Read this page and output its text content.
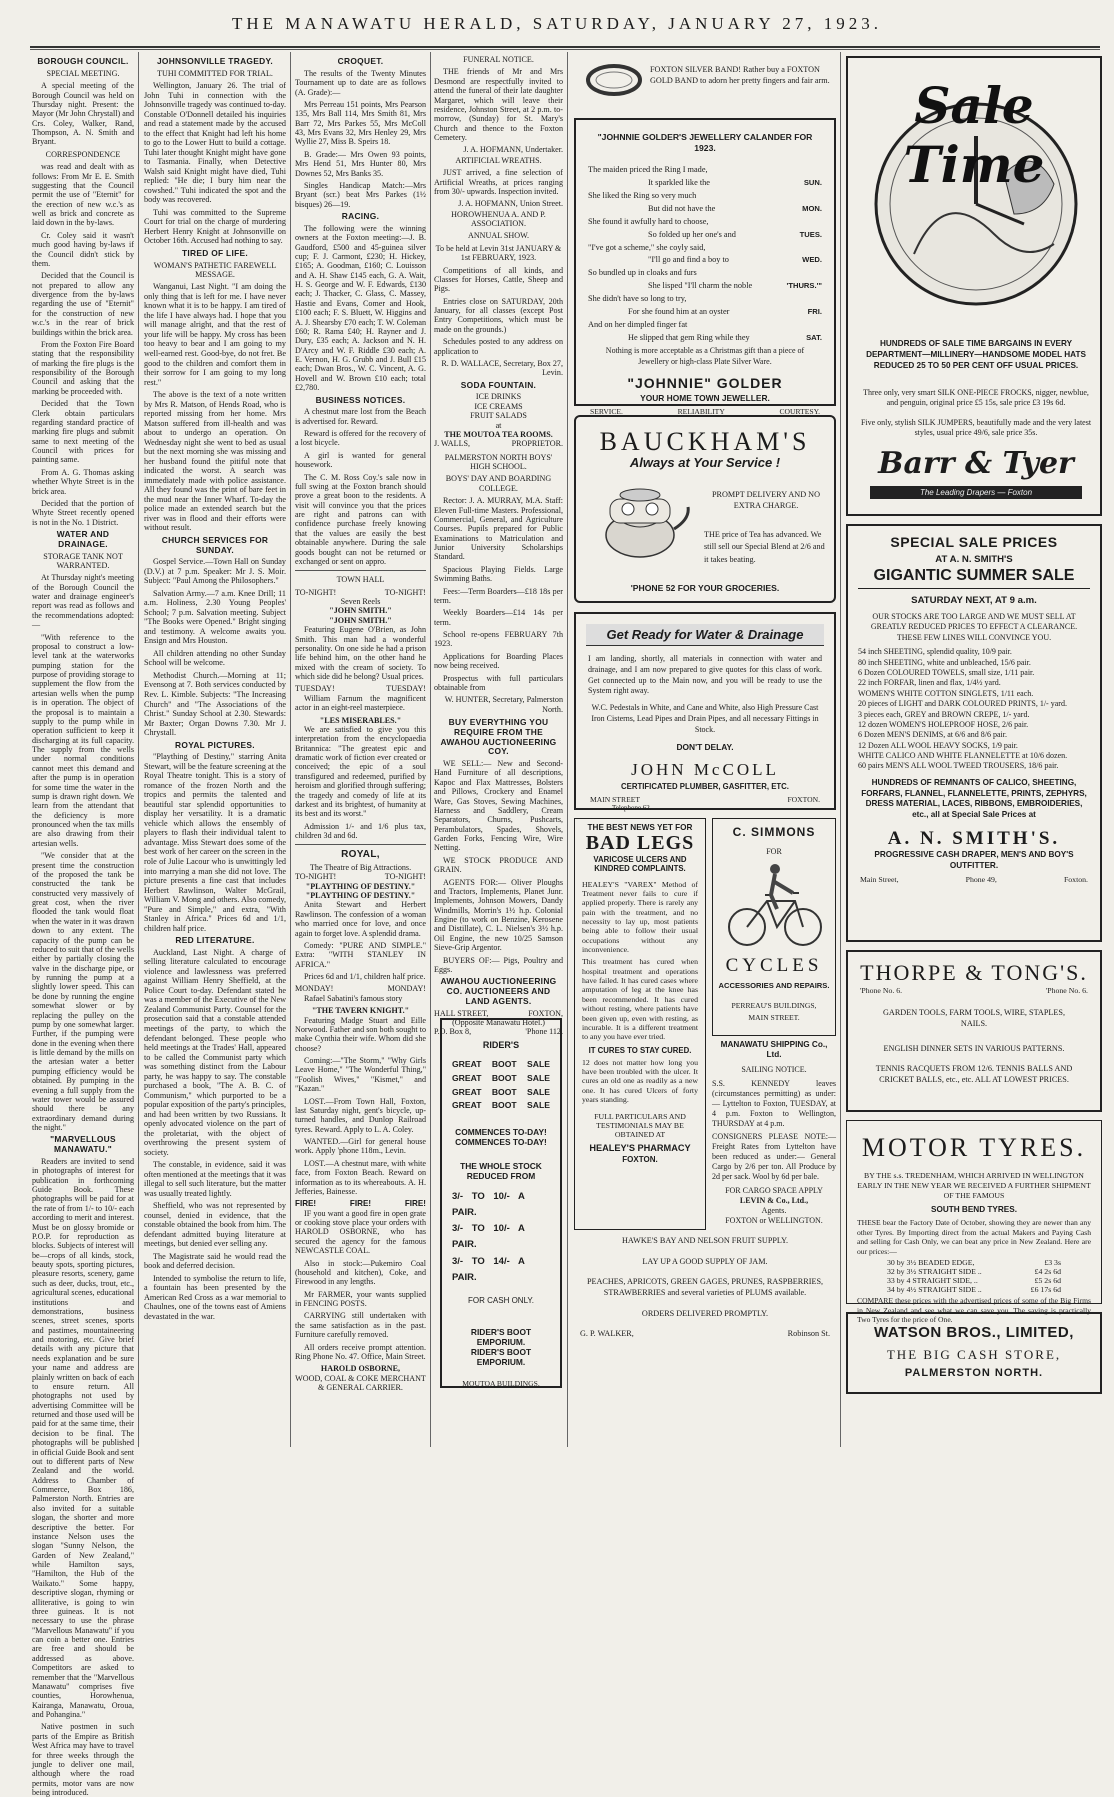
THE MANAWATU HERALD, SATURDAY, JANUARY 27, 1923.
BOROUGH COUNCIL.
SPECIAL MEETING.

A special meeting of the Borough Council was held on Thursday night. Present: the Mayor (Mr John Chrystall) and Crs. Coley, Walker, Rand, Thompson, A. N. Smith and Bryant.

CORRESPONDENCE

was read and dealt with as follows: From Mr E. E. Smith suggesting that the Council permit the use of "Eternit" for the erection of new w.c.'s as well as brick and concrete as laid down in the by-laws.

Cr. Coley said it wasn't much good having by-laws if the Council didn't stick by them.

Decided that the Council is not prepared to allow any divergence from the by-laws regarding the use of "Eternit" for the construction of new w.c.'s in the rear of brick buildings within the brick area.

From the Foxton Fire Board stating that the responsibility of marking the fire plugs is the responsibility of the Borough Council and asking that the marking be proceeded with.

Decided that the Town Clerk obtain particulars regarding standard practice of marking fire plugs and submit same to next meeting of the Council with prices for painting same.

From A. G. Thomas asking whether Whyte Street is in the brick area.

Decided that the portion of Whyte Street recently opened is not in the No. 1 District.

WATER AND DRAINAGE.
STORAGE TANK NOT WARRANTED.

At Thursday night's meeting of the Borough Council the water and drainage engineer's report was read as follows and the recommendations adopted:—

"With reference to the proposal to construct a low-level tank at the waterworks pumping station for the purpose of providing storage to supplement the flow from the artesian wells when the pump is in operation. The object of the proposal is to maintain a supply to the pump while in operation sufficient to keep it discharging at its full capacity. The supply from the wells under normal conditions cannot meet this demand and after the pump is in operation for some time the water in the sump is drawn right down. We learn from the attendant that the deficiency is more pronounced when the tax mills are also drawing from their artesian wells.

"We consider that at the present time the construction of the proposed the tank be constructed the tank be constructed very massively of great cost, when the river flooded the tank would float when the water in it was drawn down to any extent. The capacity of the pump can be reduced to suit that of the wells either by partially closing the valve in the discharge pipe, or by running the pump at a slightly lower speed. This can be done by running the engine somewhat slower or by replacing the pulley on the pump by one somewhat larger. Further, if the pumping were done in the evening when there is little demand by the mills on the artesian water a better pumping efficiency would be obtained. By pumping in the evening a full supply from the water tower would be assured should there be any extraordinary demand during the night."

"MARVELLOUS MANAWATU."

Readers are invited to send in photographs of interest for publication in forthcoming Guide Book. These photographs will be paid for at the rate of from 1/- to 10/- each according to merit and interest. Must be on glossy bromide or P.O.P. for reproduction as blocks. Subjects of interest will be—crops of all kinds, stock, beauty spots, sporting pictures, pleasure resorts, scenery, game such as deer, ducks, trout, etc., agricultural scenes, educational institutions and demonstrations, business scenes, street scenes, sports and pastimes, mountaineering and motoring, etc. Give brief details with any picture that needs explanation and be sure your name and address are plainly written on back of each to ensure return. All photographs not used by advertising Committee will be returned and those used will be paid for at the same time, their decision to be final. The photographs will be published in official Guide Book and sent out to different parts of New Zealand and the world. Address to Chamber of Commerce, Box 186, Palmerston North. Entries are also invited for a suitable slogan, the shorter and more descriptive the better. For instance Nelson uses the slogan "Sunny Nelson, the Garden of New Zealand," while Hamilton says, "Hamilton, the Hub of the Waikato." Some happy, descriptive slogan, rhyming or alliterative, is going to win three guineas. It is not necessary to use the phrase "Marvellous Manawatu" if you can coin a better one. Entries are free and should be addressed as above. Competitors are asked to remember that the "Marvellous Manawatu" comprises five counties, Horowhenua, Kairanga, Manawatu, Oroua, and Pohangina."

Native postmen in such parts of the Empire as British West Africa may have to travel for three weeks through the jungle to deliver one mail, although where the road permits, motor vans are now being introduced.

JOHNSONVILLE TRAGEDY.
TUHI COMMITTED FOR TRIAL.

Wellington, January 26. The trial of John Tuhi in connection with the Johnsonville tragedy was continued to-day. Constable O'Donnell detailed his inquiries and read a statement made by the accused to the effect that Knight had left his home to go to the Lower Hutt to build a cottage. Tuhi later thought Knight might have gone to Tasmania. Finally, when Detective Walsh said Knight might have died, Tuhi replied: "He die; I bury him near the cowshed." Tuhi indicated the spot and the body was recovered.

Tuhi was committed to the Supreme Court for trial on the charge of murdering Herbert Henry Knight at Johnsonville on October 16th. Accused had nothing to say.

TIRED OF LIFE.
WOMAN'S PATHETIC FAREWELL MESSAGE.

Wanganui, Last Night. "I am doing the only thing that is left for me. I have never known what it is to be happy. I am tired of the life I have always had. I hope that you will manage alright, and that the rest of your life will be happy. My cross has been too heavy to bear and I am going to my well-earned rest. Good-bye, do not fret. Be good to the children and comfort them in their sorrow for I am going to my long rest."

The above is the text of a note written by Mrs R. Matson, of Hends Road, who is reported missing from her home. Mrs Matson suffered from ill-health and was about to undergo an operation. On Wednesday night she went to bed as usual but the next morning she was missing and her husband found the pitiful note that indicated the worst. A search was immediately made with police assistance. All they found was the print of bare feet in the mud near the Inner Wharf. To-day the police made an extended search but the river was in flood and their efforts were without result.

CHURCH SERVICES FOR SUNDAY.

Gospel Service.—Town Hall on Sunday (D.V.) at 7 p.m. Speaker: Mr J. S. Moir. Subject: "Paul Among the Philosophers."

Salvation Army.—7 a.m. Knee Drill; 11 a.m. Holiness, 2.30 Young Peoples' School; 7 p.m. Salvation meeting. Subject "The Books were Opened." Bright singing and testimony. A welcome awaits you. Ensign and Mrs Houston.

All children attending no other Sunday School will be welcome.

Methodist Church.—Morning at 11; Evensong at 7. Both services conducted by Rev. L. Kimble. Subjects: "The Increasing Church" and "The Associations of the Christ." Sunday School at 2.30. Stewards: Mr Baxter; Organ Downs 7.30. Mr J. Chrystall.

ROYAL PICTURES.

"Plaything of Destiny," starring Anita Stewart, will be the feature screening at the Royal Theatre tonight. This is a story of romance of the frozen North and the tropics and permits the talented and beautiful star splendid opportunities to display her versatility. It is a dramatic vehicle which allows the ensembly of players to flash their individual talent to advantage. Miss Stewart does some of the best work of her career on the screen in the role of Julie Lacour who is unwittingly led into marrying a man she did not love. The picture presents a fine cast that includes Herbert Rawlinson, Walter McGrail, William V. Mong and others. Also comedy, "Pure and Simple," and extra, "With Stanley in Africa." Prices 6d and 1/1, children half price.

RED LITERATURE.

Auckland, Last Night. A charge of selling literature calculated to encourage violence and lawlessness was preferred against William Henry Sheffield, at the Police Court to-day. Defendant stated he was a member of the Executive of the New Zealand Communist Party. Counsel for the prosecution said that a constable attended meetings of the party, to which the defendant belonged. These people who held meetings at the Trades' Hall, appeared to be called the Communist party which was something distinct from the Labour party, he was happy to say. The constable purchased a book, "The A. B. C. of Communism," which purported to be a popular exposition of the party's principles, and had been written by two Russians. It openly advocated violence on the part of the proletariat, with the object of overthrowing the present system of society.

The constable, in evidence, said it was often mentioned at the meetings that it was illegal to sell such literature, but the matter was usually treated lightly.

Sheffield, who was not represented by counsel, denied in evidence, that the constable obtained the book from him. The defendant admitted buying literature at meetings, but denied ever selling any.

The Magistrate said he would read the book and deferred decision.

Intended to symbolise the return to life, a fountain has been presented by the American Red Cross as a war memorial to Chaulnes, one of the towns east of Amiens devastated in the war.

CROQUET.

The results of the Twenty Minutes Tournament up to date are as follows (A. Grade):—

Mrs Perreau 151 points, Mrs Pearson 135, Mrs Ball 114, Mrs Smith 81, Mrs Barr 72, Mrs Parkes 55, Mrs McColl 43, Mrs Evans 32, Mrs Henley 29, Mrs Wyllie 27, Miss B. Speirs 18.

B. Grade:— Mrs Owen 93 points, Mrs Hend 51, Mrs Hunter 80, Mrs Downes 52, Mrs Banks 35.

Singles Handicap Match:—Mrs Bryant (scr.) beat Mrs Parkes (1½ bisques) 26—19.

RACING.

The following were the winning owners at the Foxton meeting:—J. B. Gaudford, £500 and 45-guinea silver cup; F. J. Carmont, £230; H. Hickey, £165; A. Goodman, £160; C. Louisson and A. H. Shaw £145 each, G. A. Wait, H. S. George and W. F. Edwards, £130 each; J. Thacker, C. Glass, C. Massey, Hastie and Evans, Comer and Hook, £100 each; F. S. Bluett, W. Higgins and A. J. Shearsby £70 each; T. W. Coleman £60; R. Rama £40; H. Rayner and J. Dury, £35 each; A. Jackson and N. H. D'Arcy and W. F. Riddle £30 each; A. E. Vernon, H. G. Grubb and J. Bull £15 each; Dwan Bros., W. C. Vincent, A. G. Hovell and W. Brown £10 each; total £2,780.

BUSINESS NOTICES.

A chestnut mare lost from the Beach is advertised for. Reward.

Reward is offered for the recovery of a lost bicycle.

A girl is wanted for general housework.

The C. M. Ross Coy.'s sale now in full swing at the Foxton branch should prove a great boon to the residents. A visit will convince you that the prices are right and patrons can with confidence purchase freely knowing that the values are easily the best obtainable anywhere. During the sale goods bought can not be returned or exchanged or sent on appro.

TOWN HALL
TO-NIGHT!	TO-NIGHT!
Seven Reels
"JOHN SMITH."
"JOHN SMITH."

Featuring Eugene O'Brien, as John Smith. This man had a wonderful personality. On one side he had a prison life behind him, on the other hand he mixed with the cream of society. To which side did he belong? Usual prices.

TUESDAY!	TUESDAY!

William Farnum the magnificent actor in an eight-reel masterpiece.

"LES MISERABLES."

We are satisfied to give you this interpretation from the encyclopaedia Britannica: "The greatest epic and dramatic work of fiction ever created or conceived; the epic of a soul transfigured and redeemed, purified by heroism and glorified through suffering; the tragedy and comedy of life at its darkest and its brightest, of humanity at its best and its worst."

Admission 1/- and 1/6 plus tax, children 3d and 6d.

ROYAL,
The Theatre of Big Attractions.
TO-NIGHT!	TO-NIGHT!
"PLAYTHING OF DESTINY."
"PLAYTHING OF DESTINY."

Anita Stewart and Herbert Rawlinson. The confession of a woman who married once for love, and once again to forget love. A splendid drama.

Comedy: "PURE AND SIMPLE." Extra: "WITH STANLEY IN AFRICA."

Prices 6d and 1/1, children half price.

MONDAY!	MONDAY!

Rafael Sabatini's famous story

"THE TAVERN KNIGHT."

Featuring Madge Stuart and Eille Norwood. Father and son both sought to make Cynthia their wife. Whom did she choose?

Coming:—"The Storm," "Why Girls Leave Home," "The Wonderful Thing," "Foolish Wives," "Kismet," and "Kazan."

LOST.—From Town Hall, Foxton, last Saturday night, gent's bicycle, up-turned handles, and Dunlop Railroad tyres. Reward. Apply to L. A. Coley.

WANTED.—Girl for general house work. Apply 'phone 118m., Levin.

LOST.—A chestnut mare, with white face, from Foxton Beach. Reward on information as to its whereabouts. A. H. Jefferies, Bainesse.

FIRE!	FIRE!	FIRE!

IF you want a good fire in open grate or cooking stove place your orders with HAROLD OSBORNE, who has secured the agency for the famous NEWCASTLE COAL.

Also in stock:—Pukemiro Coal (household and kitchen), Coke, and Firewood in any lengths.

Mr FARMER, your wants supplied in FENCING POSTS.

CARRYING still undertaken with the same satisfaction as in the past. Furniture carefully removed.

All orders receive prompt attention. Ring Phone No. 47. Office, Main Street.

HAROLD OSBORNE,
WOOD, COAL & COKE MERCHANT & GENERAL CARRIER.
FUNERAL NOTICE.

THE friends of Mr and Mrs Desmond are respectfully invited to attend the funeral of their late daughter Margaret, which will leave their residence, Johnston Street, at 2 p.m. to-morrow, (Sunday) for St. Mary's Church and thence to the Foxton Cemetery.

J. A. HOFMANN, Undertaker.
ARTIFICIAL WREATHS.

JUST arrived, a fine selection of Artificial Wreaths, at prices ranging from 30/- upwards. Inspection invited.

J. A. HOFMANN, Union Street.
HOROWHENUA A. AND P. ASSOCIATION.
ANNUAL SHOW.

To be held at Levin 31st JANUARY & 1st FEBRUARY, 1923.

Competitions of all kinds, and Classes for Horses, Cattle, Sheep and Pigs.

Entries close on SATURDAY, 20th January, for all classes (except Post Entry Competitions, which must be made on the grounds.)

Schedules posted to any address on application to

R. D. WALLACE, Secretary, Box 27, Levin.
SODA FOUNTAIN.
ICE DRINKS
ICE CREAMS
FRUIT SALADS
at
THE MOUTOA TEA ROOMS.
J. WALLS,	PROPRIETOR.
PALMERSTON NORTH BOYS' HIGH SCHOOL.
BOYS' DAY AND BOARDING COLLEGE.

Rector: J. A. MURRAY, M.A. Staff: Eleven Full-time Masters. Professional, Commercial, General, and Agriculture Courses. Pupils prepared for Public Examinations to Matriculation and Junior University Scholarships Standard.

Spacious Playing Fields. Large Swimming Baths.

Fees:—Term Boarders—£18 18s per term.

Weekly Boarders—£14 14s per term.

School re-opens FEBRUARY 7th 1923.

Applications for Boarding Places now being received.

Prospectus with full particulars obtainable from

W. HUNTER, Secretary, Palmerston North.
BUY EVERYTHING YOU REQUIRE FROM THE AWAHOU AUCTIONEERING COY.

WE SELL:— New and Second-Hand Furniture of all descriptions, Kapoc and Flax Mattresses, Bolsters and Pillows, Crockery and Enamel Ware, Gas Stoves, Sewing Machines, Harness and Saddlery, Cream Separators, Churns, Pushcarts, Perambulators, Spades, Shovels, Garden Forks, Fencing Wire, Wire Netting.

WE STOCK PRODUCE AND GRAIN.

AGENTS FOR:— Oliver Ploughs and Tractors, Implements, Planet Junr. Implements, Johnson Mowers, Dandy Windmills, Morrin's 1½ h.p. Colonial Engine (to work on Benzine, Kerosene and Distillate), C. L. Nielsen's 3½ h.p. Oil Engine, the new 10/25 Samson Sieve-Grip Argentor.

BUYERS OF:— Pigs, Poultry and Eggs.

AWAHOU AUCTIONEERING CO. AUCTIONEERS AND LAND AGENTS.
HALL STREET,	FOXTON,
(Opposite Manawatu Hotel.)
P.O. Box 8,	'Phone 112.
RIDER'S
GREAT BOOT SALE
GREAT BOOT SALE
GREAT BOOT SALE
GREAT BOOT SALE
COMMENCES TO-DAY!
COMMENCES TO-DAY!
THE WHOLE STOCK
REDUCED FROM
3/- TO 10/- A PAIR.
3/- TO 10/- A PAIR.
3/- TO 14/- A PAIR.
FOR CASH ONLY.
RIDER'S BOOT EMPORIUM.
RIDER'S BOOT EMPORIUM.
MOUTOA BUILDINGS.
FOXTON SILVER BAND! Rather buy a FOXTON GOLD BAND to adorn her pretty fingers and fair arm.
"JOHNNIE GOLDER'S JEWELLERY CALANDER FOR 1923.
The maiden priced the Ring I made,
It sparkled like the	SUN.
She liked the Ring so very much
But did not have the	MON.
She found it awfully hard to choose,
So folded up her one's and	TUES.
"I've got a scheme," she coyly said,
"I'll go and find a boy to	WED.
So bundled up in cloaks and furs
She lisped "I'll charm the noble	'THURS.'"
She didn't have so long to try,
For she found him at an oyster	FRI.
And on her dimpled finger fat
He slipped that gem Ring while they	SAT.
Nothing is more acceptable as a Christmas gift than a piece of Jewellery or high-class Plate Silver Ware.
"JOHNNIE" GOLDER
YOUR HOME TOWN JEWELLER.
SERVICE.	RELIABILITY	COURTESY.
BAUCKHAM'S
Always at Your Service !
PROMPT DELIVERY AND NO EXTRA CHARGE.
THE price of Tea has advanced. We still sell our Special Blend at 2/6 and it takes beating.
'PHONE 52 FOR YOUR GROCERIES.
Get Ready for Water & Drainage
I am landing, shortly, all materials in connection with water and drainage, and I am now prepared to give quotes for this class of work. Get connected up to the Main now, and you will be ready to use the System right away.
W.C. Pedestals in White, and Cane and White, also High Pressure Cast Iron Cisterns, Lead Pipes and Drain Pipes, and all necessary Fittings in Stock.
DON'T DELAY.
JOHN McCOLL
CERTIFICATED PLUMBER, GASFITTER, ETC.
MAIN STREET	FOXTON.
Telephone 62.
THE BEST NEWS YET FOR
BAD LEGS
VARICOSE ULCERS AND KINDRED COMPLAINTS.
HEALEY'S "VAREX" Method of Treatment never fails to cure if applied properly. There is rarely any pain with the treatment, and no necessity to lay up, most patients being able to follow their usual occupations without any inconvenience.
This treatment has cured when hospital treatment and operations have failed. It has cured cases where amputation of leg at the knee has been recommended. It has cured without resting, where patients have been given up, even with resting, as incurable. It is a different treatment to any you have ever tried.
IT CURES TO STAY CURED.
12 does not matter how long you have been troubled with the ulcer. It cures an old one as readily as a new one. It has cured Ulcers of forty years standing.
FULL PARTICULARS AND TESTIMONIALS MAY BE OBTAINED AT
HEALEY'S PHARMACY
FOXTON.
HAWKE'S BAY AND NELSON FRUIT SUPPLY.
LAY UP A GOOD SUPPLY OF JAM.
PEACHES, APRICOTS, GREEN GAGES, PRUNES, RASPBERRIES, STRAWBERRIES and several varieties of PLUMS available.
ORDERS DELIVERED PROMPTLY.
G. P. WALKER,	Robinson St.
C. SIMMONS
FOR
CYCLES
ACCESSORIES AND REPAIRS.
PERREAU'S BUILDINGS,
MAIN STREET.
MANAWATU SHIPPING Co., Ltd.
SAILING NOTICE.
S.S. KENNEDY leaves (circumstances permitting) as under:— Lyttelton to Foxton, TUESDAY, at 4 p.m. Foxton to Wellington, THURSDAY at 4 p.m.
CONSIGNERS PLEASE NOTE:— Freight Rates from Lyttelton have been reduced as under:— General Cargo by 2/6 per ton. All Produce by 2d per sack. Wool by 6d per bale.
FOR CARGO SPACE APPLY
LEVIN & Co., Ltd.,
Agents.
FOXTON or WELLINGTON.
Sale Time
HUNDREDS OF SALE TIME BARGAINS IN EVERY DEPARTMENT—MILLINERY—HANDSOME MODEL HATS REDUCED 25 TO 50 PER CENT OFF USUAL PRICES.
Three only, very smart SILK ONE-PIECE FROCKS, nigger, newblue, and penguin, original price £5 15s, sale price £3 19s 6d.
Five only, stylish SILK JUMPERS, beautifully made and the very latest styles, usual price 49/6, sale price 35s.
Barr & Tyer
The Leading Drapers — Foxton
SPECIAL SALE PRICES
AT A. N. SMITH'S
GIGANTIC SUMMER SALE
SATURDAY NEXT, AT 9 a.m.
OUR STOCKS ARE TOO LARGE AND WE MUST SELL AT GREATLY REDUCED PRICES TO EFFECT A CLEARANCE. THESE FEW LINES WILL CONVINCE YOU.
54 inch SHEETING, splendid quality, 10/9 pair.
80 inch SHEETING, white and unbleached, 15/6 pair.
6 Dozen COLOURED TOWELS, small size, 1/11 pair.
22 inch FORFAR, linen and flax, 1/4½ yard.
WOMEN'S WHITE COTTON SINGLETS, 1/11 each.
20 pieces of LIGHT and DARK COLOURED PRINTS, 1/- yard.
3 pieces each, GREY and BROWN CREPE, 1/- yard.
12 dozen WOMEN'S HOLEPROOF HOSE, 2/6 pair.
6 Dozen MEN'S DENIMS, at 6/6 and 8/6 pair.
12 Dozen ALL WOOL HEAVY SOCKS, 1/9 pair.
WHITE CALICO AND WHITE FLANNELETTE at 10/6 dozen.
60 pairs MEN'S ALL WOOL TWEED TROUSERS, 18/6 pair.
HUNDREDS OF REMNANTS OF CALICO, SHEETING, FORFARS, FLANNEL, FLANNELETTE, PRINTS, ZEPHYRS, DRESS MATERIAL, LACES, RIBBONS, EMBROIDERIES, etc., all at Special Sale Prices at
A. N. SMITH'S.
PROGRESSIVE CASH DRAPER, MEN'S AND BOY'S OUTFITTER.
Main Street,	Phone 49,	Foxton.
THORPE & TONG'S.
'Phone No. 6.	'Phone No. 6.
GARDEN TOOLS, FARM TOOLS, WIRE, STAPLES, NAILS.
ENGLISH DINNER SETS IN VARIOUS PATTERNS.
TENNIS RACQUETS FROM 12/6. TENNIS BALLS AND CRICKET BALLS, etc., etc. ALL AT LOWEST PRICES.
MOTOR TYRES.
BY THE s.s. TREDENHAM, WHICH ARRIVED IN WELLINGTON EARLY IN THE NEW YEAR WE RECEIVED A FURTHER SHIPMENT OF THE FAMOUS
SOUTH BEND TYRES.
THESE bear the Factory Date of October, showing they are newer than any other Tyres. By Importing direct from the actual Makers and Paying Cash and selling for Cash Only, we can beat any price in New Zealand. Here are our prices:—
30 by 3½ BEADED EDGE,	£3 3s
32 by 3½ STRAIGHT SIDE ..	£4 2s 6d
33 by 4 STRAIGHT SIDE, ..	£5 2s 6d
34 by 4½ STRAIGHT SIDE ..	£6 17s 6d
COMPARE these prices with the advertised prices of some of the Big Firms in New Zealand and see what we can save you. The saving is practically Two Tyres for the price of One.
WATSON BROS., LIMITED,
THE BIG CASH STORE,
PALMERSTON NORTH.
